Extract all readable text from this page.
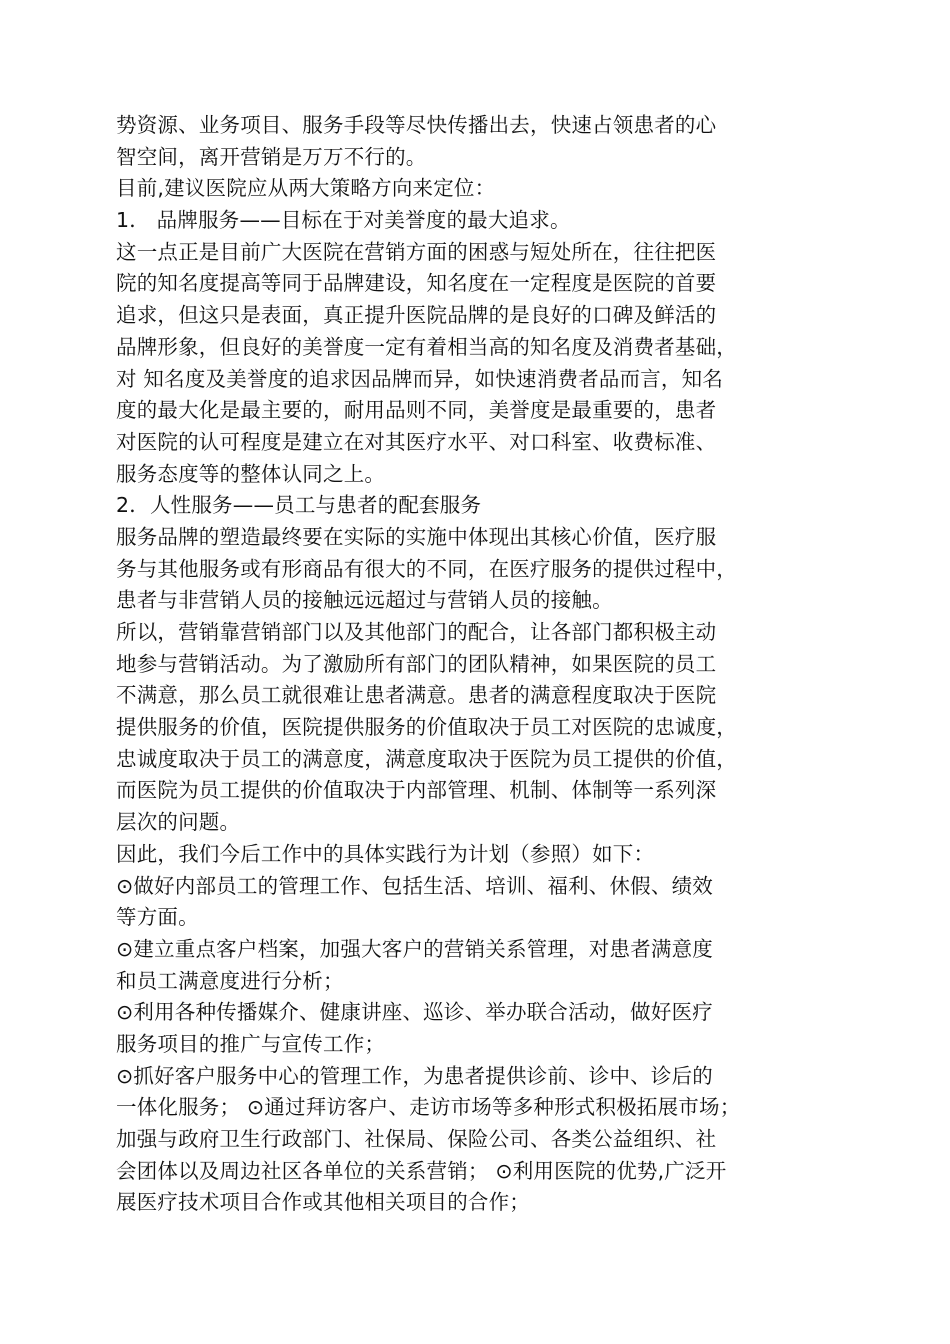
势资源、业务项目、服务手段等尽快传播出去，快速占领患者的心
智空间，离开营销是万万不行的。
目前,建议医院应从两大策略方向来定位：
1． 品牌服务——目标在于对美誉度的最大追求。
这一点正是目前广大医院在营销方面的困惑与短处所在，往往把医
院的知名度提高等同于品牌建设，知名度在一定程度是医院的首要
追求，但这只是表面，真正提升医院品牌的是良好的口碑及鲜活的
品牌形象，但良好的美誉度一定有着相当高的知名度及消费者基础，
对 知名度及美誉度的追求因品牌而异，如快速消费者品而言，知名
度的最大化是最主要的，耐用品则不同，美誉度是最重要的，患者
对医院的认可程度是建立在对其医疗水平、对口科室、收费标准、
服务态度等的整体认同之上。
2．人性服务——员工与患者的配套服务
服务品牌的塑造最终要在实际的实施中体现出其核心价值，医疗服
务与其他服务或有形商品有很大的不同，在医疗服务的提供过程中，
患者与非营销人员的接触远远超过与营销人员的接触。
所以，营销靠营销部门以及其他部门的配合，让各部门都积极主动
地参与营销活动。为了激励所有部门的团队精神，如果医院的员工
不满意，那么员工就很难让患者满意。患者的满意程度取决于医院
提供服务的价值，医院提供服务的价值取决于员工对医院的忠诚度，
忠诚度取决于员工的满意度，满意度取决于医院为员工提供的价值，
而医院为员工提供的价值取决于内部管理、机制、体制等一系列深
层次的问题。
因此，我们今后工作中的具体实践行为计划（参照）如下：
⊙做好内部员工的管理工作、包括生活、培训、福利、休假、绩效
等方面。
⊙建立重点客户档案，加强大客户的营销关系管理，对患者满意度
和员工满意度进行分析；
⊙利用各种传播媒介、健康讲座、巡诊、举办联合活动，做好医疗
服务项目的推广与宣传工作；
⊙抓好客户服务中心的管理工作，为患者提供诊前、诊中、诊后的
一体化服务； ⊙通过拜访客户、走访市场等多种形式积极拓展市场；
加强与政府卫生行政部门、社保局、保险公司、各类公益组织、社
会团体以及周边社区各单位的关系营销； ⊙利用医院的优势,广泛开
展医疗技术项目合作或其他相关项目的合作；
